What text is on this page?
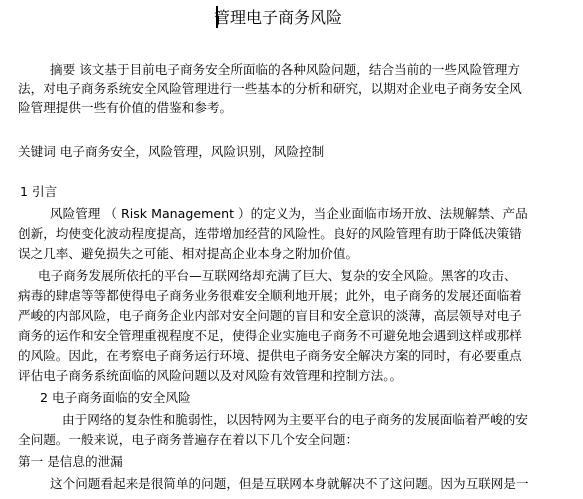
管理电子商务风险
摘要 该文基于目前电子商务安全所面临的各种风险问题，结合当前的一些风险管理方
法，对电子商务系统安全风险管理进行一些基本的分析和研究，以期对企业电子商务安全风
险管理提供一些有价值的借鉴和参考。
关键词 电子商务安全，风险管理，风险识别，风险控制
1 引言
风险管理 （ Risk Management ）的定义为，当企业面临市场开放、法规解禁、产品
创新，均使变化波动程度提高，连带增加经营的风险性。良好的风险管理有助于降低决策错
误之几率、避免损失之可能、相对提高企业本身之附加价值。
电子商务发展所依托的平台—互联网络却充满了巨大、复杂的安全风险。黑客的攻击、
病毒的肆虐等等都使得电子商务业务很难安全顺利地开展；此外，电子商务的发展还面临着
严峻的内部风险，电子商务企业内部对安全问题的盲目和安全意识的淡薄，高层领导对电子
商务的运作和安全管理重视程度不足，使得企业实施电子商务不可避免地会遇到这样或那样
的风险。因此，在考察电子商务运行环境、提供电子商务安全解决方案的同时，有必要重点
评估电子商务系统面临的风险问题以及对风险有效管理和控制方法。。
2 电子商务面临的安全风险
由于网络的复杂性和脆弱性，以因特网为主要平台的电子商务的发展面临着严峻的安
全问题。一般来说，电子商务普遍存在着以下几个安全问题：
第一 是信息的泄漏
这个问题看起来是很简单的问题，但是互联网本身就解决不了这问题。因为互联网是一
